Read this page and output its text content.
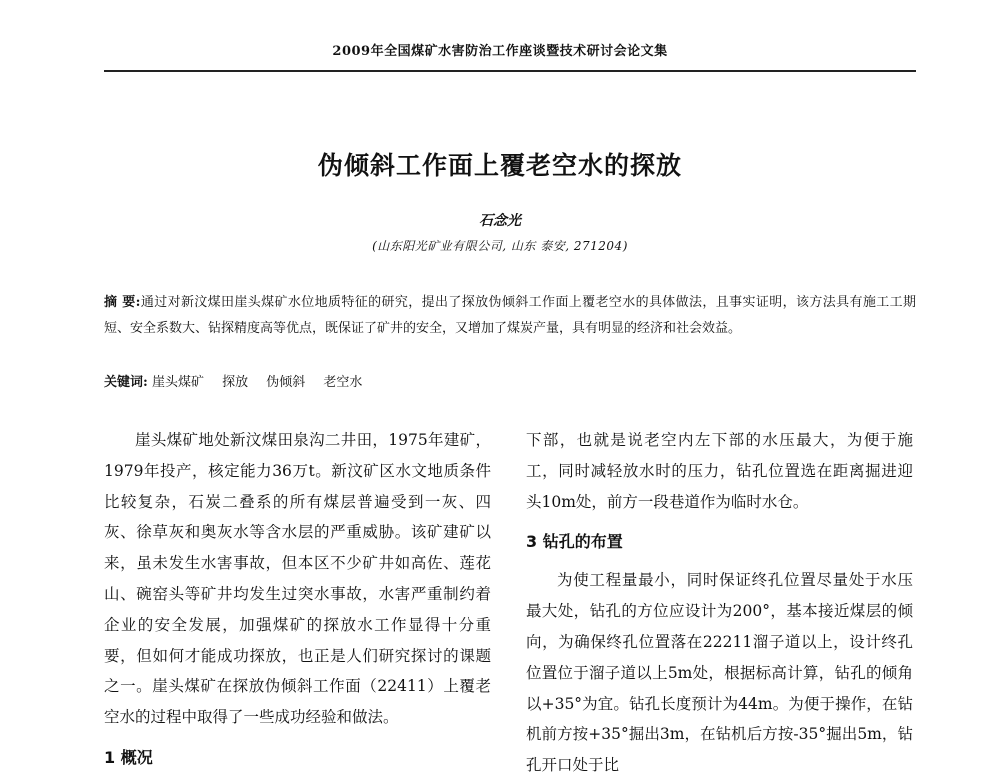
2009年全国煤矿水害防治工作座谈暨技术研讨会论文集
伪倾斜工作面上覆老空水的探放
石念光
(山东阳光矿业有限公司, 山东 泰安, 271204)
摘 要:通过对新汶煤田崖头煤矿水位地质特征的研究，提出了探放伪倾斜工作面上覆老空水的具体做法，且事实证明，该方法具有施工工期短、安全系数大、钻探精度高等优点，既保证了矿井的安全，又增加了煤炭产量，具有明显的经济和社会效益。
关键词: 崖头煤矿 探放 伪倾斜 老空水

崖头煤矿地处新汶煤田泉沟二井田，1975年建矿，1979年投产，核定能力36万t。新汶矿区水文地质条件比较复杂，石炭二叠系的所有煤层普遍受到一灰、四灰、徐草灰和奥灰水等含水层的严重威胁。该矿建矿以来，虽未发生水害事故，但本区不少矿井如高佐、莲花山、碗窑头等矿井均发生过突水事故，水害严重制约着企业的安全发展，加强煤矿的探放水工作显得十分重要，但如何才能成功探放，也正是人们研究探讨的课题之一。崖头煤矿在探放伪倾斜工作面（22411）上覆老空水的过程中取得了一些成功经验和做法。

1 概况

下部，也就是说老空内左下部的水压最大，为便于施工，同时减轻放水时的压力，钻孔位置选在距离掘进迎头10m处，前方一段巷道作为临时水仓。

3 钻孔的布置

为使工程量最小，同时保证终孔位置尽量处于水压最大处，钻孔的方位应设计为200°，基本接近煤层的倾向，为确保终孔位置落在22211溜子道以上，设计终孔位置位于溜子道以上5m处，根据标高计算，钻孔的倾角以+35°为宜。钻孔长度预计为44m。为便于操作，在钻机前方按+35°掘出3m，在钻机后方按-35°掘出5m，钻孔开口处于比
